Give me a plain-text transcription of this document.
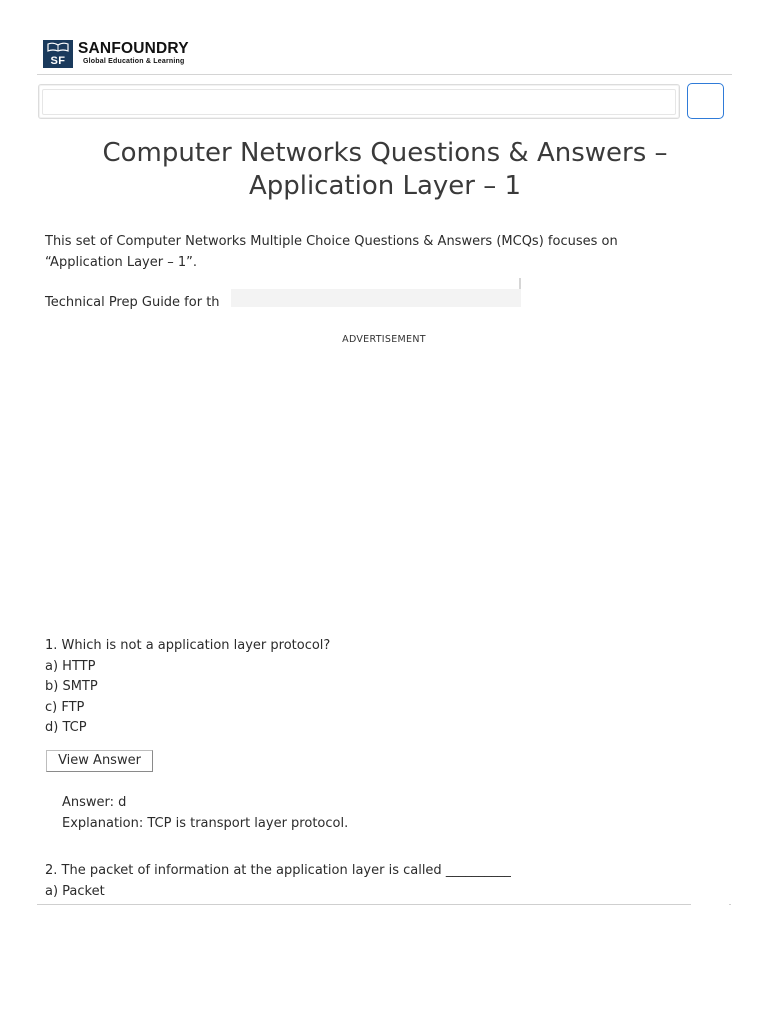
SF
SANFOUNDRY
Global Education & Learning
Computer Networks Questions & Answers – Application Layer – 1

This set of Computer Networks Multiple Choice Questions & Answers (MCQs) focuses on “Application Layer – 1”.

Technical Prep Guide for th

ADVERTISEMENT
1. Which is not a application layer protocol?
a) HTTP
b) SMTP
c) FTP
d) TCP
View Answer
Answer: d
Explanation: TCP is transport layer protocol.
2. The packet of information at the application layer is called __________
a) Packet
